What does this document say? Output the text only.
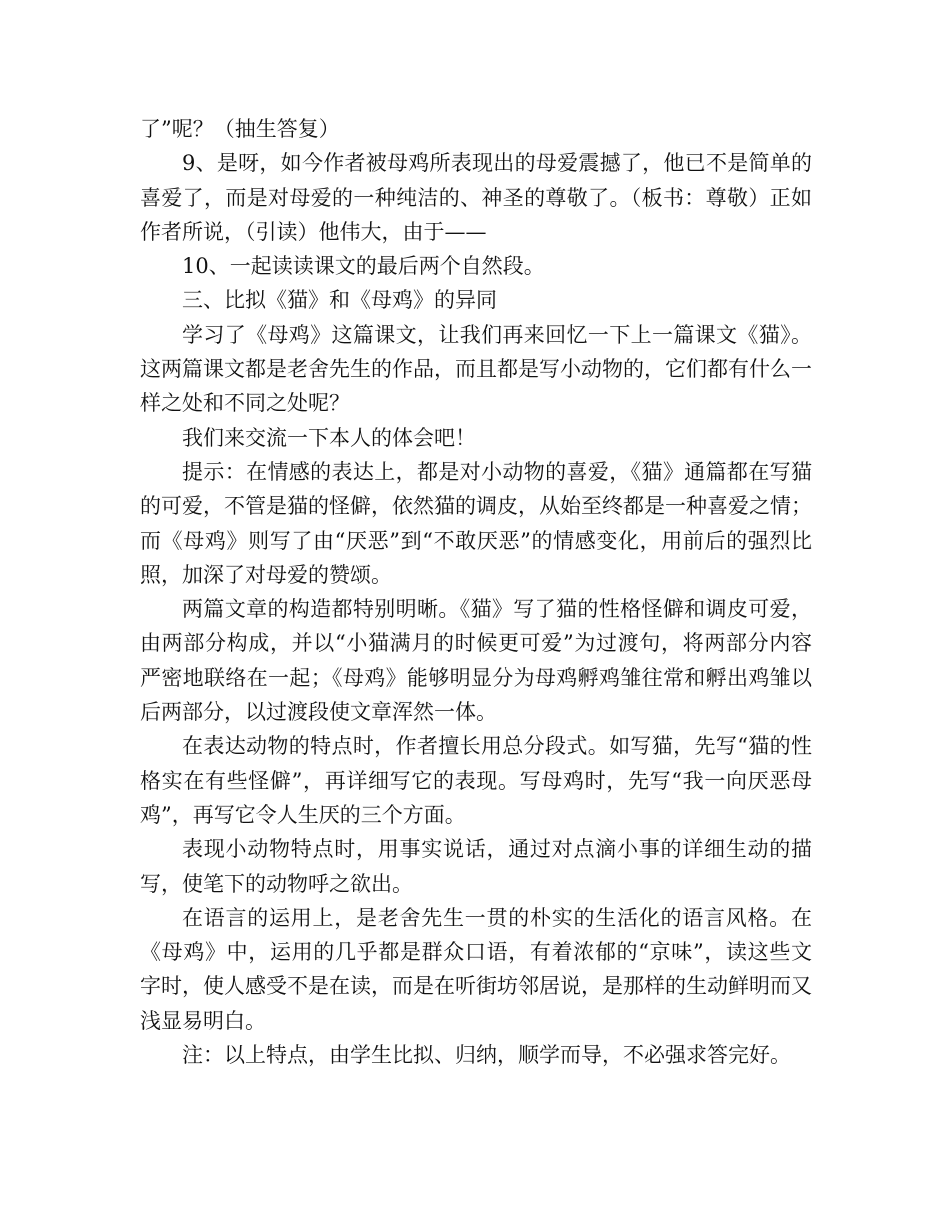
了”呢？（抽生答复）

9、是呀，如今作者被母鸡所表现出的母爱震撼了，他已不是简单的喜爱了，而是对母爱的一种纯洁的、神圣的尊敬了。（板书：尊敬）正如作者所说，（引读）他伟大，由于——

10、一起读读课文的最后两个自然段。

三、比拟《猫》和《母鸡》的异同

学习了《母鸡》这篇课文，让我们再来回忆一下上一篇课文《猫》。这两篇课文都是老舍先生的作品，而且都是写小动物的，它们都有什么一样之处和不同之处呢？

我们来交流一下本人的体会吧！

提示：在情感的表达上，都是对小动物的喜爱，《猫》通篇都在写猫的可爱，不管是猫的怪僻，依然猫的调皮，从始至终都是一种喜爱之情；而《母鸡》则写了由“厌恶”到“不敢厌恶”的情感变化，用前后的强烈比照，加深了对母爱的赞颂。

两篇文章的构造都特别明晰。《猫》写了猫的性格怪僻和调皮可爱，由两部分构成，并以“小猫满月的时候更可爱”为过渡句，将两部分内容严密地联络在一起；《母鸡》能够明显分为母鸡孵鸡雏往常和孵出鸡雏以后两部分，以过渡段使文章浑然一体。

在表达动物的特点时，作者擅长用总分段式。如写猫，先写“猫的性格实在有些怪僻”，再详细写它的表现。写母鸡时，先写“我一向厌恶母鸡”，再写它令人生厌的三个方面。

表现小动物特点时，用事实说话，通过对点滴小事的详细生动的描写，使笔下的动物呼之欲出。

在语言的运用上，是老舍先生一贯的朴实的生活化的语言风格。在《母鸡》中，运用的几乎都是群众口语，有着浓郁的“京味”，读这些文字时，使人感受不是在读，而是在听街坊邻居说，是那样的生动鲜明而又浅显易明白。

注：以上特点，由学生比拟、归纳，顺学而导，不必强求答完好。
